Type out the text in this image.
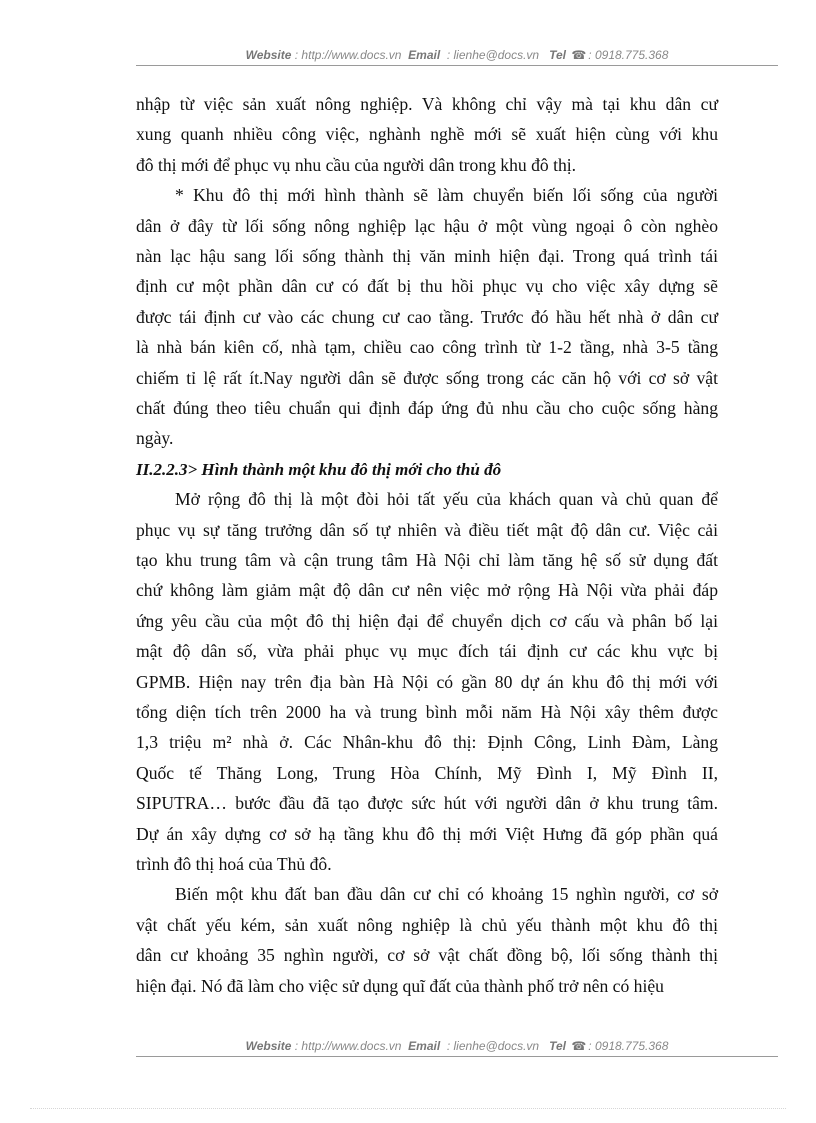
Website : http://www.docs.vn Email : lienhe@docs.vn Tel ☎ : 0918.775.368
nhập từ việc sản xuất nông nghiệp. Và không chỉ vậy mà tại khu dân cư
xung quanh nhiều công việc, nghành nghề mới sẽ xuất hiện cùng với khu
đô thị mới để phục vụ nhu cầu của người dân trong khu đô thị.
* Khu đô thị mới hình thành sẽ làm chuyển biến lối sống của người
dân ở đây từ lối sống nông nghiệp lạc hậu ở một vùng ngoại ô còn nghèo
nàn lạc hậu sang lối sống thành thị văn minh hiện đại. Trong quá trình tái
định cư một phần dân cư có đất bị thu hồi phục vụ cho việc xây dựng sẽ
được tái định cư vào các chung cư cao tầng. Trước đó hầu hết nhà ở dân cư
là nhà bán kiên cố, nhà tạm, chiều cao công trình từ 1-2 tầng, nhà 3-5 tầng
chiếm tỉ lệ rất ít.Nay người dân sẽ được sống trong các căn hộ với cơ sở vật
chất đúng theo tiêu chuẩn qui định đáp ứng đủ nhu cầu cho cuộc sống hàng
ngày.
II.2.2.3> Hình thành một khu đô thị mới cho thủ đô
Mở rộng đô thị là một đòi hỏi tất yếu của khách quan và chủ quan để
phục vụ sự tăng trưởng dân số tự nhiên và điều tiết mật độ dân cư. Việc cải
tạo khu trung tâm và cận trung tâm Hà Nội chỉ làm tăng hệ số sử dụng đất
chứ không làm giảm mật độ dân cư nên việc mở rộng Hà Nội vừa phải đáp
ứng yêu cầu của một đô thị hiện đại để chuyển dịch cơ cấu và phân bố lại
mật độ dân số, vừa phải phục vụ mục đích tái định cư các khu vực bị
GPMB. Hiện nay trên địa bàn Hà Nội có gần 80 dự án khu đô thị mới với
tổng diện tích trên 2000 ha và trung bình mỗi năm Hà Nội xây thêm được
1,3 triệu m² nhà ở. Các Nhân-khu đô thị: Định Công, Linh Đàm, Làng
Quốc tế Thăng Long, Trung Hòa Chính, Mỹ Đình I, Mỹ Đình II,
SIPUTRA… bước đầu đã tạo được sức hút với người dân ở khu trung tâm.
Dự án xây dựng cơ sở hạ tầng khu đô thị mới Việt Hưng đã góp phần quá
trình đô thị hoá của Thủ đô.
Biến một khu đất ban đầu dân cư chỉ có khoảng 15 nghìn người, cơ sở
vật chất yếu kém, sản xuất nông nghiệp là chủ yếu thành một khu đô thị
dân cư khoảng 35 nghìn người, cơ sở vật chất đồng bộ, lối sống thành thị
hiện đại. Nó đã làm cho việc sử dụng quĩ đất của thành phố trở nên có hiệu
Website : http://www.docs.vn Email : lienhe@docs.vn Tel ☎ : 0918.775.368
